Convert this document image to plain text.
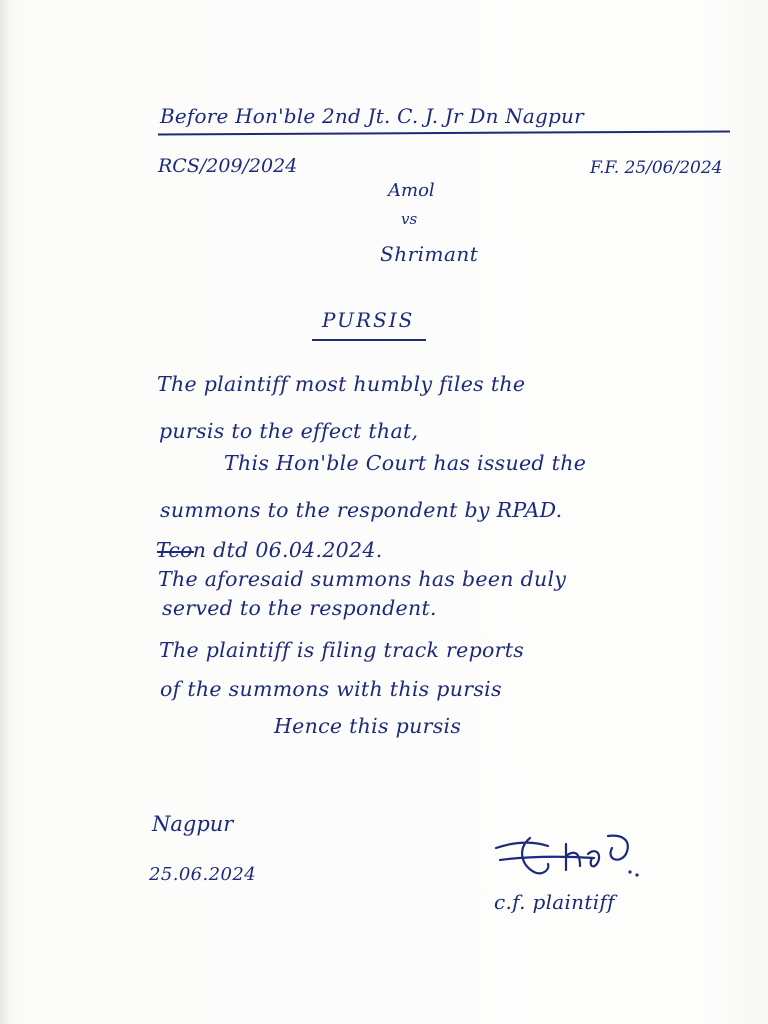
Before Hon'ble 2nd Jt. C. J. Jr Dn Nagpur
RCS/209/2024	F.F. 25/06/2024
Amol
vs
Shrimant
PURSIS
The plaintiff most humbly files the
pursis to the effect that,
This Hon'ble Court has issued the
summons to the respondent by RPAD.
Tcon dtd 06.04.2024.
The aforesaid summons has been duly
served to the respondent.
The plaintiff is filing track reports
of the summons with this pursis
Hence this pursis
Nagpur
25.06.2024
c.f. plaintiff
